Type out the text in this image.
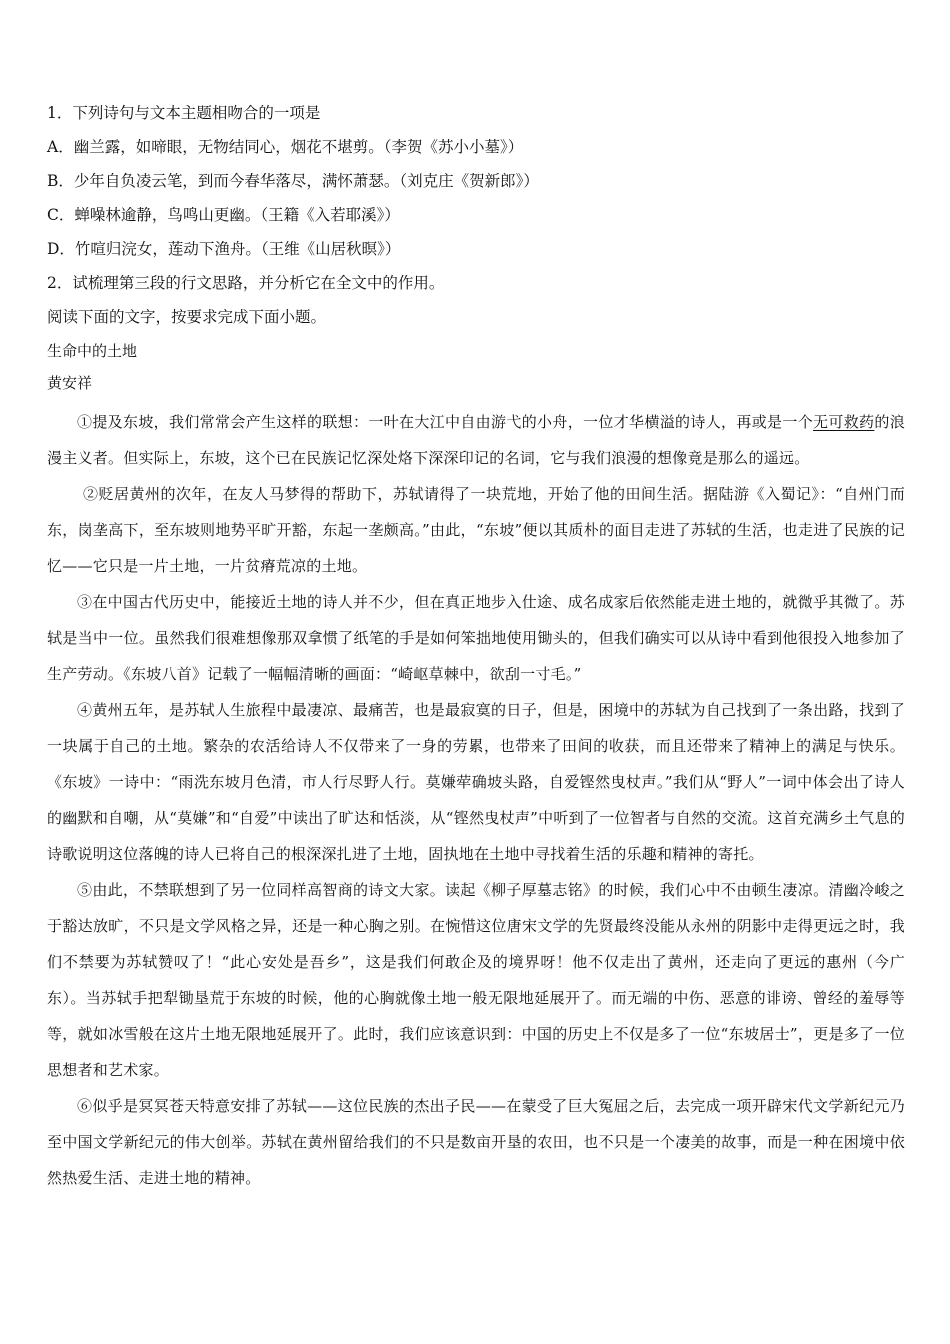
1．下列诗句与文本主题相吻合的一项是
A．幽兰露，如啼眼，无物结同心，烟花不堪剪。（李贺《苏小小墓》）
B．少年自负凌云笔，到而今春华落尽，满怀萧瑟。（刘克庄《贺新郎》）
C．蝉噪林逾静，鸟鸣山更幽。（王籍《入若耶溪》）
D．竹喧归浣女，莲动下渔舟。（王维《山居秋暝》）
2．试梳理第三段的行文思路，并分析它在全文中的作用。
阅读下面的文字，按要求完成下面小题。
生命中的土地
黄安祥

①提及东坡，我们常常会产生这样的联想：一叶在大江中自由游弋的小舟，一位才华横溢的诗人，再或是一个无可救药的浪漫主义者。但实际上，东坡，这个已在民族记忆深处烙下深深印记的名词，它与我们浪漫的想像竟是那么的遥远。

②贬居黄州的次年，在友人马梦得的帮助下，苏轼请得了一块荒地，开始了他的田间生活。据陆游《入蜀记》：“自州门而东，岗垄高下，至东坡则地势平旷开豁，东起一垄颇高。”由此，“东坡”便以其质朴的面目走进了苏轼的生活，也走进了民族的记忆——它只是一片土地，一片贫瘠荒凉的土地。

③在中国古代历史中，能接近土地的诗人并不少，但在真正地步入仕途、成名成家后依然能走进土地的，就微乎其微了。苏轼是当中一位。虽然我们很难想像那双拿惯了纸笔的手是如何笨拙地使用锄头的，但我们确实可以从诗中看到他很投入地参加了生产劳动。《东坡八首》记载了一幅幅清晰的画面：“崎岖草棘中，欲刮一寸毛。”

④黄州五年，是苏轼人生旅程中最凄凉、最痛苦，也是最寂寞的日子，但是，困境中的苏轼为自己找到了一条出路，找到了一块属于自己的土地。繁杂的农活给诗人不仅带来了一身的劳累，也带来了田间的收获，而且还带来了精神上的满足与快乐。《东坡》一诗中：“雨洗东坡月色清，市人行尽野人行。莫嫌荦确坡头路，自爱铿然曳杖声。”我们从“野人”一词中体会出了诗人的幽默和自嘲，从“莫嫌”和“自爱”中读出了旷达和恬淡，从“铿然曳杖声”中听到了一位智者与自然的交流。这首充满乡土气息的诗歌说明这位落魄的诗人已将自己的根深深扎进了土地，固执地在土地中寻找着生活的乐趣和精神的寄托。

⑤由此，不禁联想到了另一位同样高智商的诗文大家。读起《柳子厚墓志铭》的时候，我们心中不由顿生凄凉。清幽冷峻之于豁达放旷，不只是文学风格之异，还是一种心胸之别。在惋惜这位唐宋文学的先贤最终没能从永州的阴影中走得更远之时，我们不禁要为苏轼赞叹了！“此心安处是吾乡”，这是我们何敢企及的境界呀！他不仅走出了黄州，还走向了更远的惠州（今广东）。当苏轼手把犁锄垦荒于东坡的时候，他的心胸就像土地一般无限地延展开了。而无端的中伤、恶意的诽谤、曾经的羞辱等等，就如冰雪般在这片土地无限地延展开了。此时，我们应该意识到：中国的历史上不仅是多了一位“东坡居士”，更是多了一位思想者和艺术家。

⑥似乎是冥冥苍天特意安排了苏轼——这位民族的杰出子民——在蒙受了巨大冤屈之后，去完成一项开辟宋代文学新纪元乃至中国文学新纪元的伟大创举。苏轼在黄州留给我们的不只是数亩开垦的农田，也不只是一个凄美的故事，而是一种在困境中依然热爱生活、走进土地的精神。
